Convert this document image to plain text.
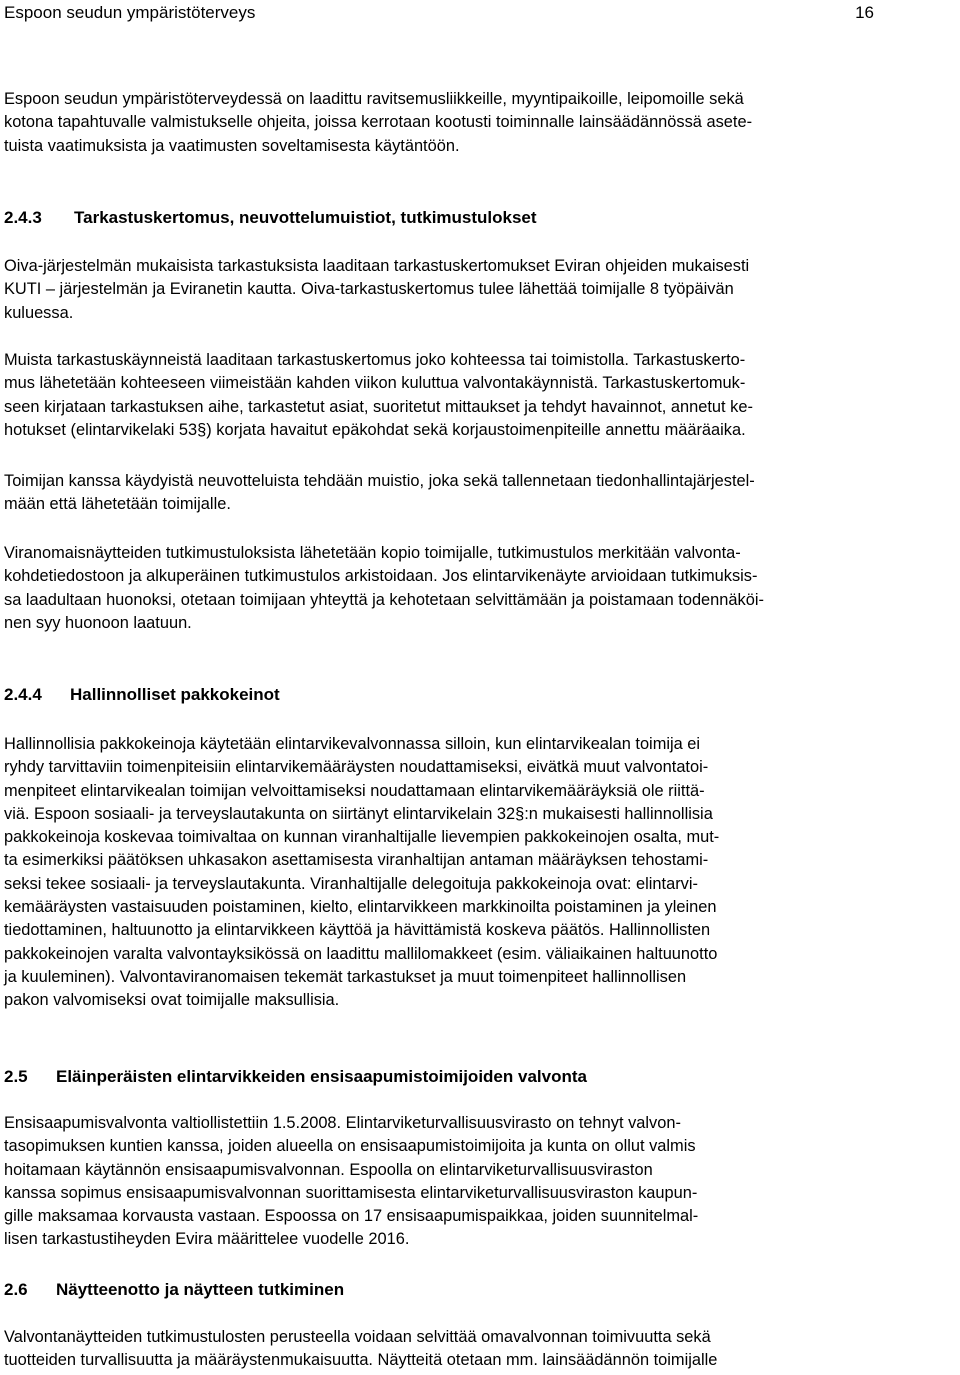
Espoon seudun ympäristöterveys	16

Espoon seudun ympäristöterveydessä on laadittu ravitsemusliikkeille, myyntipaikoille, leipomoille sekä
kotona tapahtuvalle valmistukselle ohjeita, joissa kerrotaan kootusti toiminnalle lainsäädännössä asete-
tuista vaatimuksista ja vaatimusten soveltamisesta käytäntöön.

2.4.3 Tarkastuskertomus, neuvottelumuistiot, tutkimustulokset

Oiva-järjestelmän mukaisista tarkastuksista laaditaan tarkastuskertomukset Eviran ohjeiden mukaisesti
KUTI – järjestelmän ja Eviranetin kautta. Oiva-tarkastuskertomus tulee lähettää toimijalle 8 työpäivän
kuluessa.

Muista tarkastuskäynneistä laaditaan tarkastuskertomus joko kohteessa tai toimistolla. Tarkastuskerto-
mus lähetetään kohteeseen viimeistään kahden viikon kuluttua valvontakäynnistä. Tarkastuskertomuk-
seen kirjataan tarkastuksen aihe, tarkastetut asiat, suoritetut mittaukset ja tehdyt havainnot, annetut ke-
hotukset (elintarvikelaki 53§) korjata havaitut epäkohdat sekä korjaustoimenpiteille annettu määräaika.

Toimijan kanssa käydyistä neuvotteluista tehdään muistio, joka sekä tallennetaan tiedonhallintajärjestel-
mään että lähetetään toimijalle.

Viranomaisnäytteiden tutkimustuloksista lähetetään kopio toimijalle, tutkimustulos merkitään valvonta-
kohdetiedostoon ja alkuperäinen tutkimustulos arkistoidaan. Jos elintarvikenäyte arvioidaan tutkimuksis-
sa laadultaan huonoksi, otetaan toimijaan yhteyttä ja kehotetaan selvittämään ja poistamaan todennäköi-
nen syy huonoon laatuun.

2.4.4 Hallinnolliset pakkokeinot

Hallinnollisia pakkokeinoja käytetään elintarvikevalvonnassa silloin, kun elintarvikealan toimija ei
ryhdy tarvittaviin toimenpiteisiin elintarvikemääräysten noudattamiseksi, eivätkä muut valvontatoi-
menpiteet elintarvikealan toimijan velvoittamiseksi noudattamaan elintarvikemääräyksiä ole riittä-
viä. Espoon sosiaali- ja terveyslautakunta on siirtänyt elintarvikelain 32§:n mukaisesti hallinnollisia
pakkokeinoja koskevaa toimivaltaa on kunnan viranhaltijalle lievempien pakkokeinojen osalta, mut-
ta esimerkiksi päätöksen uhkasakon asettamisesta viranhaltijan antaman määräyksen tehostami-
seksi tekee sosiaali- ja terveyslautakunta. Viranhaltijalle delegoituja pakkokeinoja ovat: elintarvi-
kemääräysten vastaisuuden poistaminen, kielto, elintarvikkeen markkinoilta poistaminen ja yleinen
tiedottaminen, haltuunotto ja elintarvikkeen käyttöä ja hävittämistä koskeva päätös. Hallinnollisten
pakkokeinojen varalta valvontayksikössä on laadittu mallilomakkeet (esim. väliaikainen haltuunotto
ja kuuleminen). Valvontaviranomaisen tekemät tarkastukset ja muut toimenpiteet hallinnollisen
pakon valvomiseksi ovat toimijalle maksullisia.

2.5 Eläinperäisten elintarvikkeiden ensisaapumistoimijoiden valvonta

Ensisaapumisvalvonta valtiollistettiin 1.5.2008. Elintarviketurvallisuusvirasto on tehnyt valvon-
tasopimuksen kuntien kanssa, joiden alueella on ensisaapumistoimijoita ja kunta on ollut valmis
hoitamaan käytännön ensisaapumisvalvonnan. Espoolla on elintarviketurvallisuusviraston
kanssa sopimus ensisaapumisvalvonnan suorittamisesta elintarviketurvallisuusviraston kaupun-
gille maksamaa korvausta vastaan. Espoossa on 17 ensisaapumispaikkaa, joiden suunnitelmal-
lisen tarkastustiheyden Evira määrittelee vuodelle 2016.

2.6 Näytteenotto ja näytteen tutkiminen

Valvontanäytteiden tutkimustulosten perusteella voidaan selvittää omavalvonnan toimivuutta sekä
tuotteiden turvallisuutta ja määräystenmukaisuutta. Näytteitä otetaan mm. lainsäädännön toimijalle
